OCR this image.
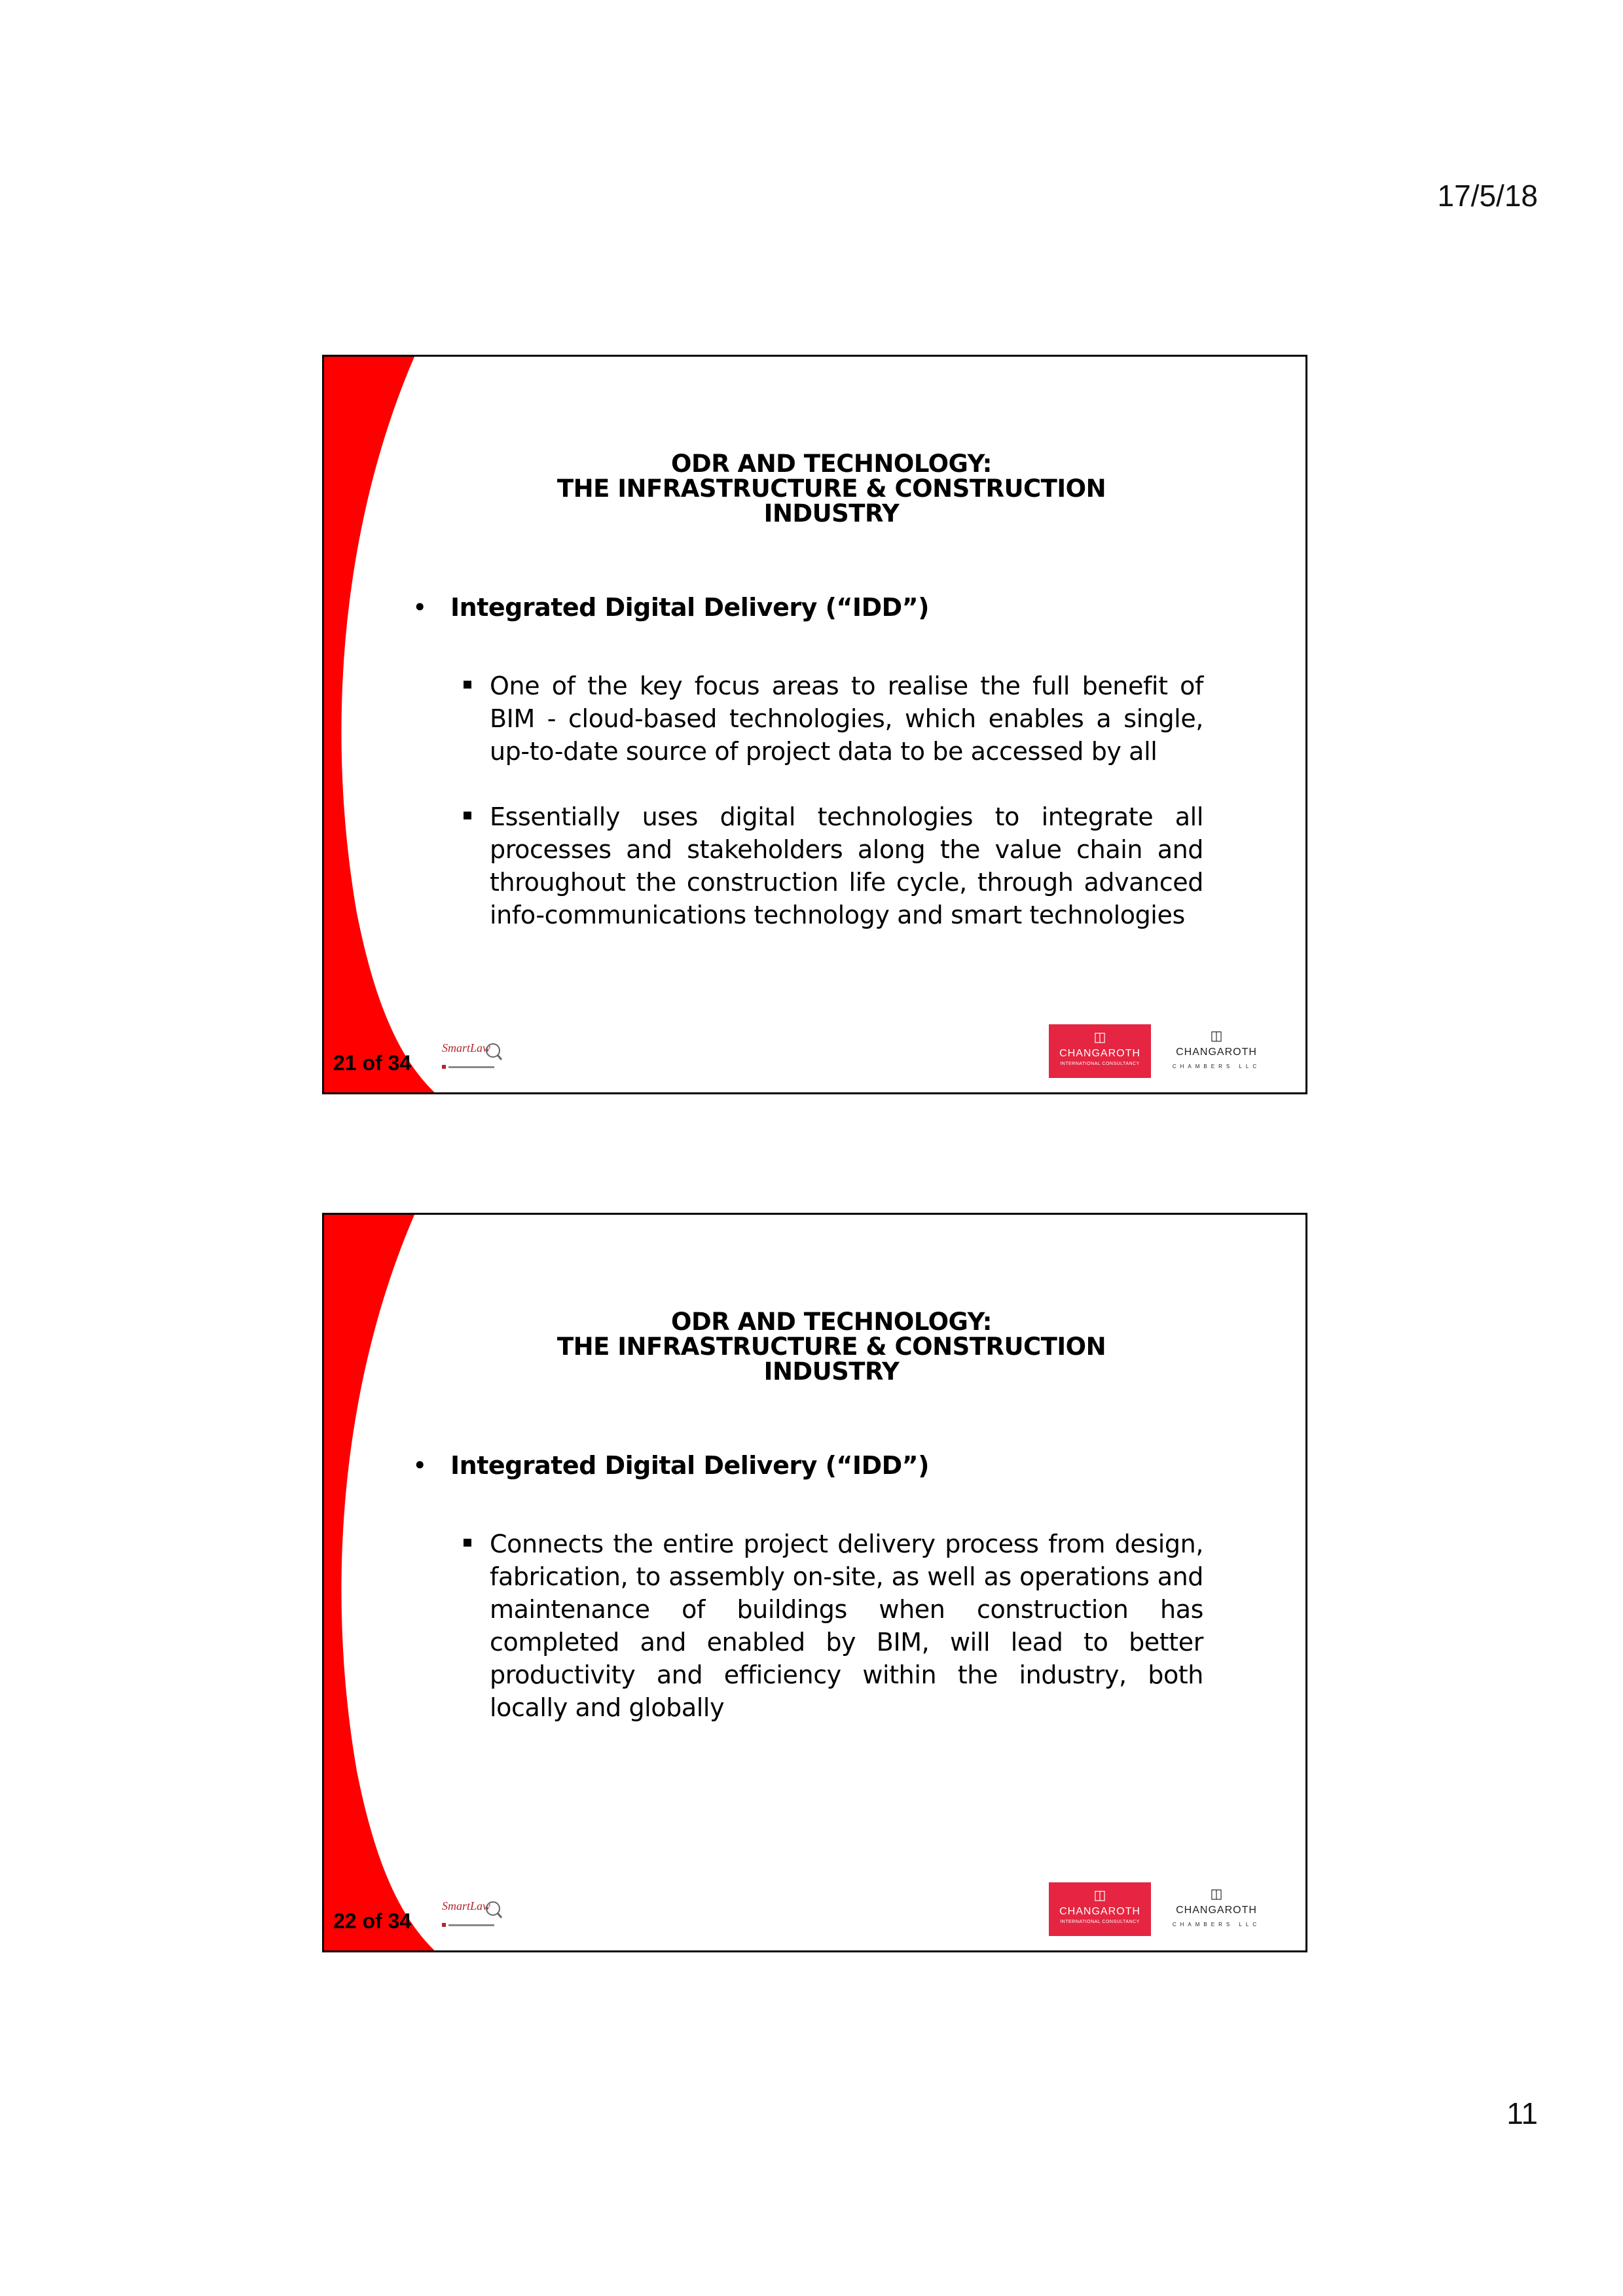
17/5/18
ODR AND TECHNOLOGY:
THE INFRASTRUCTURE & CONSTRUCTION INDUSTRY
• Integrated Digital Delivery (“IDD”)
One of the key focus areas to realise the full benefit of BIM - cloud-based technologies, which enables a single, up-to-date source of project data to be accessed by all
Essentially uses digital technologies to integrate all processes and stakeholders along the value chain and throughout the construction life cycle, through advanced info-communications technology and smart technologies
21 of 34
SmartLaw
◫
CHANGAROTH
INTERNATIONAL CONSULTANCY
◫
CHANGAROTH
CHAMBERS LLC
ODR AND TECHNOLOGY:
THE INFRASTRUCTURE & CONSTRUCTION INDUSTRY
• Integrated Digital Delivery (“IDD”)
Connects the entire project delivery process from design, fabrication, to assembly on-site, as well as operations and maintenance of buildings when construction has completed and enabled by BIM, will lead to better productivity and efficiency within the industry, both locally and globally
22 of 34
SmartLaw
◫
CHANGAROTH
INTERNATIONAL CONSULTANCY
◫
CHANGAROTH
CHAMBERS LLC
11
